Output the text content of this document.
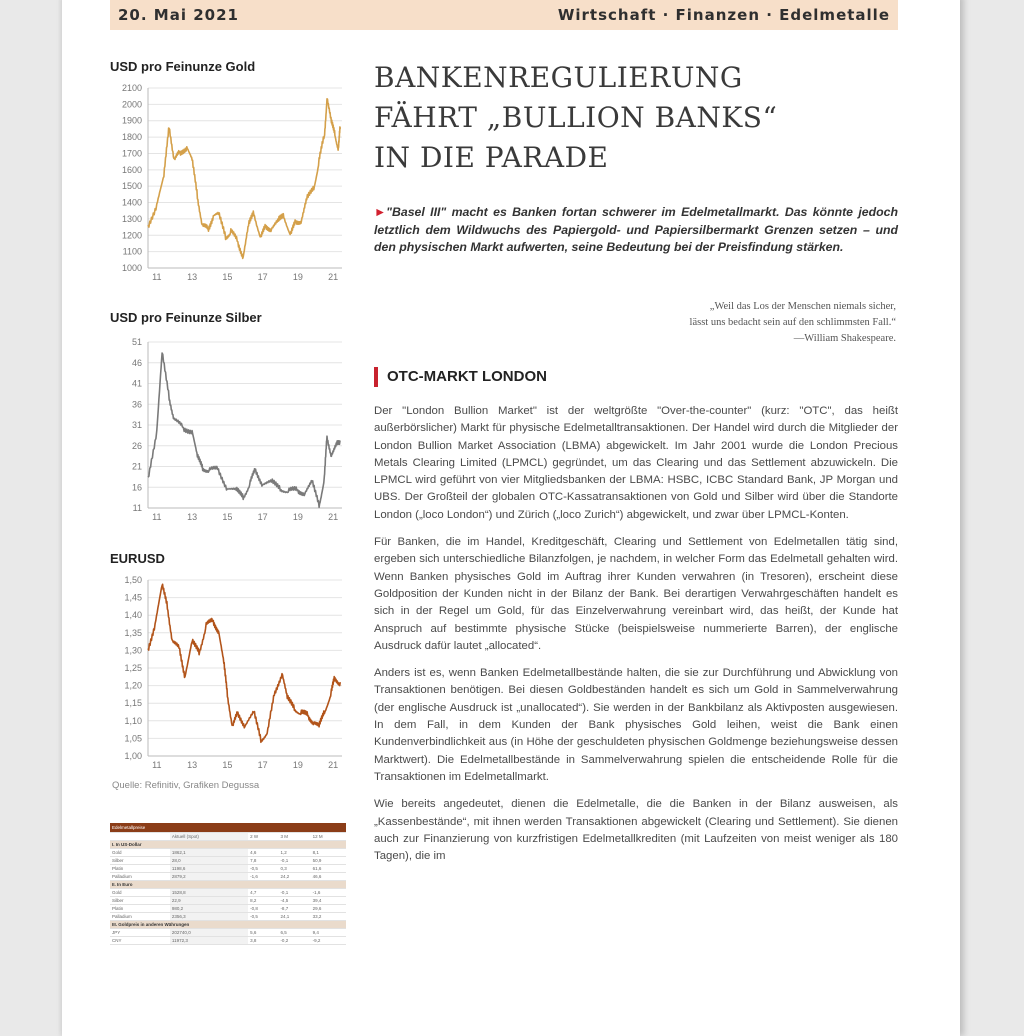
20. Mai 2021	Wirtschaft · Finanzen · Edelmetalle
USD pro Feinunze Gold
1000
1100
1200
1300
1400
1500
1600
1700
1800
1900
2000
2100
11	13	15	17	19	21
USD pro Feinunze Silber
11
16
21
26
31
36
41
46
51
11	13	15	17	19	21
EURUSD
1,00
1,05
1,10
1,15
1,20
1,25
1,30
1,35
1,40
1,45
1,50
11	13	15	17	19	21
Quelle: Refinitiv, Grafiken Degussa
Edelmetallpreise				
	Aktuell (Spot)	2 W	3 M	12 M
I. In US-Dollar				
Gold	1862,1	4,6	1,2	8,1
Silber	28,0	7,8	-0,1	50,9
Platin	1198,6	-0,5	0,3	61,6
Palladium	2879,2	-1,6	24,2	46,6
II. In Euro				
Gold	1528,8	4,7	-0,1	-1,6
Silber	22,9	8,2	-4,5	39,4
Platin	980,2	-0,8	-8,7	29,6
Palladium	2356,3	-0,5	24,1	33,2
III. Goldpreis in anderen Währungen				
JPY	202740,0	5,6	6,5	9,4
CNY	11972,3	3,8	-0,2	-9,2
BANKENREGULIERUNG
FÄHRT „BULLION BANKS“
IN DIE PARADE
►"Basel III" macht es Banken fortan schwerer im Edelmetallmarkt. Das könnte jedoch letztlich dem Wildwuchs des Papiergold- und Papiersilbermarkt Grenzen setzen – und den physischen Markt aufwerten, seine Bedeutung bei der Preisfindung stärken.
„Weil das Los der Menschen niemals sicher,
lässt uns bedacht sein auf den schlimmsten Fall.“
—William Shakespeare.
OTC-MARKT LONDON

Der "London Bullion Market" ist der weltgrößte "Over-the-counter" (kurz: "OTC", das heißt außerbörslicher) Markt für physische Edelmetalltransaktionen. Der Handel wird durch die Mitglieder der London Bullion Market Association (LBMA) abgewickelt. Im Jahr 2001 wurde die London Precious Metals Clearing Limited (LPMCL) gegründet, um das Clearing und das Settlement abzuwickeln. Die LPMCL wird geführt von vier Mitgliedsbanken der LBMA: HSBC, ICBC Standard Bank, JP Morgan und UBS. Der Großteil der globalen OTC-Kassatransaktionen von Gold und Silber wird über die Standorte London („loco London“) und Zürich („loco Zurich“) abgewickelt, und zwar über LPMCL-Konten.

Für Banken, die im Handel, Kreditgeschäft, Clearing und Settlement von Edelmetallen tätig sind, ergeben sich unterschiedliche Bilanzfolgen, je nachdem, in welcher Form das Edelmetall gehalten wird. Wenn Banken physisches Gold im Auftrag ihrer Kunden verwahren (in Tresoren), erscheint diese Goldposition der Kunden nicht in der Bilanz der Bank. Bei derartigen Verwahrgeschäften handelt es sich in der Regel um Gold, für das Einzelverwahrung vereinbart wird, das heißt, der Kunde hat Anspruch auf bestimmte physische Stücke (beispielsweise nummerierte Barren), der englische Ausdruck dafür lautet „allocated“.

Anders ist es, wenn Banken Edelmetallbestände halten, die sie zur Durchführung und Abwicklung von Transaktionen benötigen. Bei diesen Goldbeständen handelt es sich um Gold in Sammelverwahrung (der englische Ausdruck ist „unallocated“). Sie werden in der Bankbilanz als Aktivposten ausgewiesen. In dem Fall, in dem Kunden der Bank physisches Gold leihen, weist die Bank einen Kundenverbindlichkeit aus (in Höhe der geschuldeten physischen Goldmenge beziehungsweise dessen Marktwert). Die Edelmetallbestände in Sammelverwahrung spielen die entscheidende Rolle für die Transaktionen im Edelmetallmarkt.

Wie bereits angedeutet, dienen die Edelmetalle, die die Banken in der Bilanz ausweisen, als „Kassenbestände“, mit ihnen werden Transaktionen abgewickelt (Clearing und Settlement). Sie dienen auch zur Finanzierung von kurzfristigen Edelmetallkrediten (mit Laufzeiten von meist weniger als 180 Tagen), die im
